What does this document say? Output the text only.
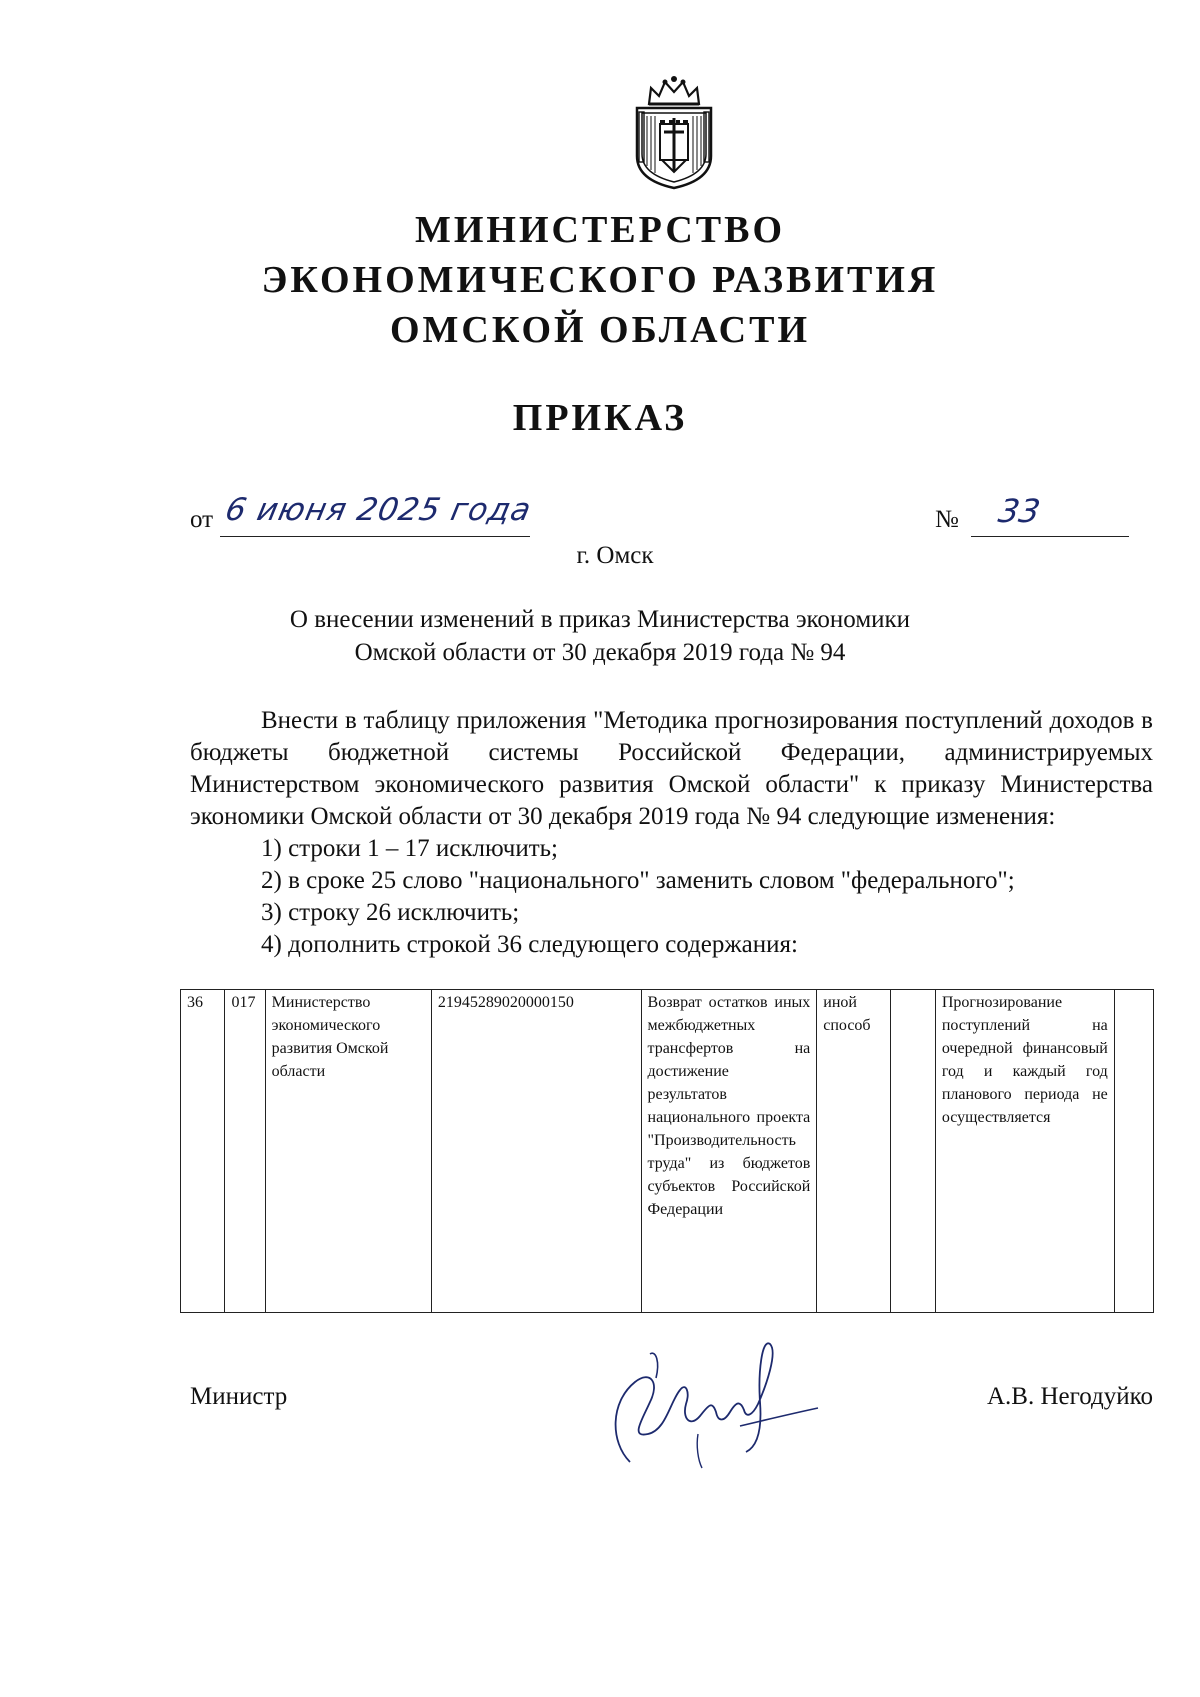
МИНИСТЕРСТВО
ЭКОНОМИЧЕСКОГО РАЗВИТИЯ
ОМСКОЙ ОБЛАСТИ
ПРИКАЗ
от 6 июня 2025 года	№ 33
г. Омск
О внесении изменений в приказ Министерства экономики
Омской области от 30 декабря 2019 года № 94

Внести в таблицу приложения "Методика прогнозирования поступлений доходов в бюджеты бюджетной системы Российской Федерации, администрируемых Министерством экономического развития Омской области" к приказу Министерства экономики Омской области от 30 декабря 2019 года № 94 следующие изменения:

1) строки 1 – 17 исключить;

2) в сроке 25 слово "национального" заменить словом "федерального";

3) строку 26 исключить;

4) дополнить строкой 36 следующего содержания:

36	017	Министерство экономического развития Омской области	21945289020000150	Возврат остатков иных межбюджетных трансфертов на достижение результатов национального проекта "Производительность труда" из бюджетов субъектов Российской Федерации	иной способ		Прогнозирование поступлений на очередной финансовый год и каждый год планового периода не осуществляется	
Министр	А.В. Негодуйко
